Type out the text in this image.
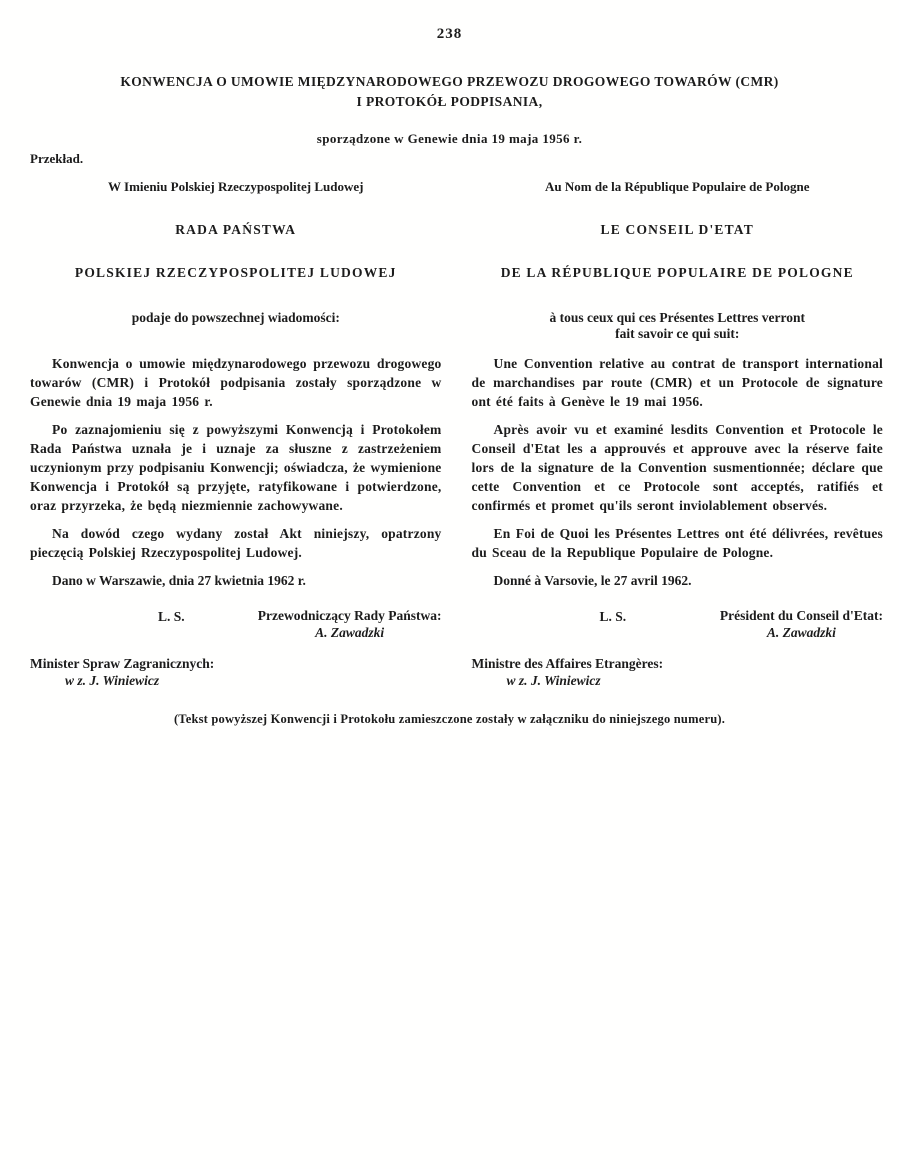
238
KONWENCJA O UMOWIE MIĘDZYNARODOWEGO PRZEWOZU DROGOWEGO TOWARÓW (CMR)
I PROTOKÓŁ PODPISANIA,
sporządzone w Genewie dnia 19 maja 1956 r.
Przekład.
W Imieniu Polskiej Rzeczypospolitej Ludowej
RADA PAŃSTWA
POLSKIEJ RZECZYPOSPOLITEJ LUDOWEJ
podaje do powszechnej wiadomości:

Konwencja o umowie międzynarodowego przewozu drogowego towarów (CMR) i Protokół podpisania zostały sporządzone w Genewie dnia 19 maja 1956 r.

Po zaznajomieniu się z powyższymi Konwencją i Protokołem Rada Państwa uznała je i uznaje za słuszne z zastrzeżeniem uczynionym przy podpisaniu Konwencji; oświadcza, że wymienione Konwencja i Protokół są przyjęte, ratyfikowane i potwierdzone, oraz przyrzeka, że będą niezmiennie zachowywane.

Na dowód czego wydany został Akt niniejszy, opatrzony pieczęcią Polskiej Rzeczypospolitej Ludowej.

Dano w Warszawie, dnia 27 kwietnia 1962 r.

L. S.	Przewodniczący Rady Państwa:
A. Zawadzki
Minister Spraw Zagranicznych:
w z. J. Winiewicz
Au Nom de la République Populaire de Pologne
LE CONSEIL D'ETAT
DE LA RÉPUBLIQUE POPULAIRE DE POLOGNE
à tous ceux qui ces Présentes Lettres verront
fait savoir ce qui suit:

Une Convention relative au contrat de transport international de marchandises par route (CMR) et un Protocole de signature ont été faits à Genève le 19 mai 1956.

Après avoir vu et examiné lesdits Convention et Protocole le Conseil d'Etat les a approuvés et approuve avec la réserve faite lors de la signature de la Convention susmentionnée; déclare que cette Convention et ce Protocole sont acceptés, ratifiés et confirmés et promet qu'ils seront inviolablement observés.

En Foi de Quoi les Présentes Lettres ont été délivrées, revêtues du Sceau de la Republique Populaire de Pologne.

Donné à Varsovie, le 27 avril 1962.

L. S.	Président du Conseil d'Etat:
A. Zawadzki
Ministre des Affaires Etrangères:
w z. J. Winiewicz
(Tekst powyższej Konwencji i Protokołu zamieszczone zostały w załączniku do niniejszego numeru).
